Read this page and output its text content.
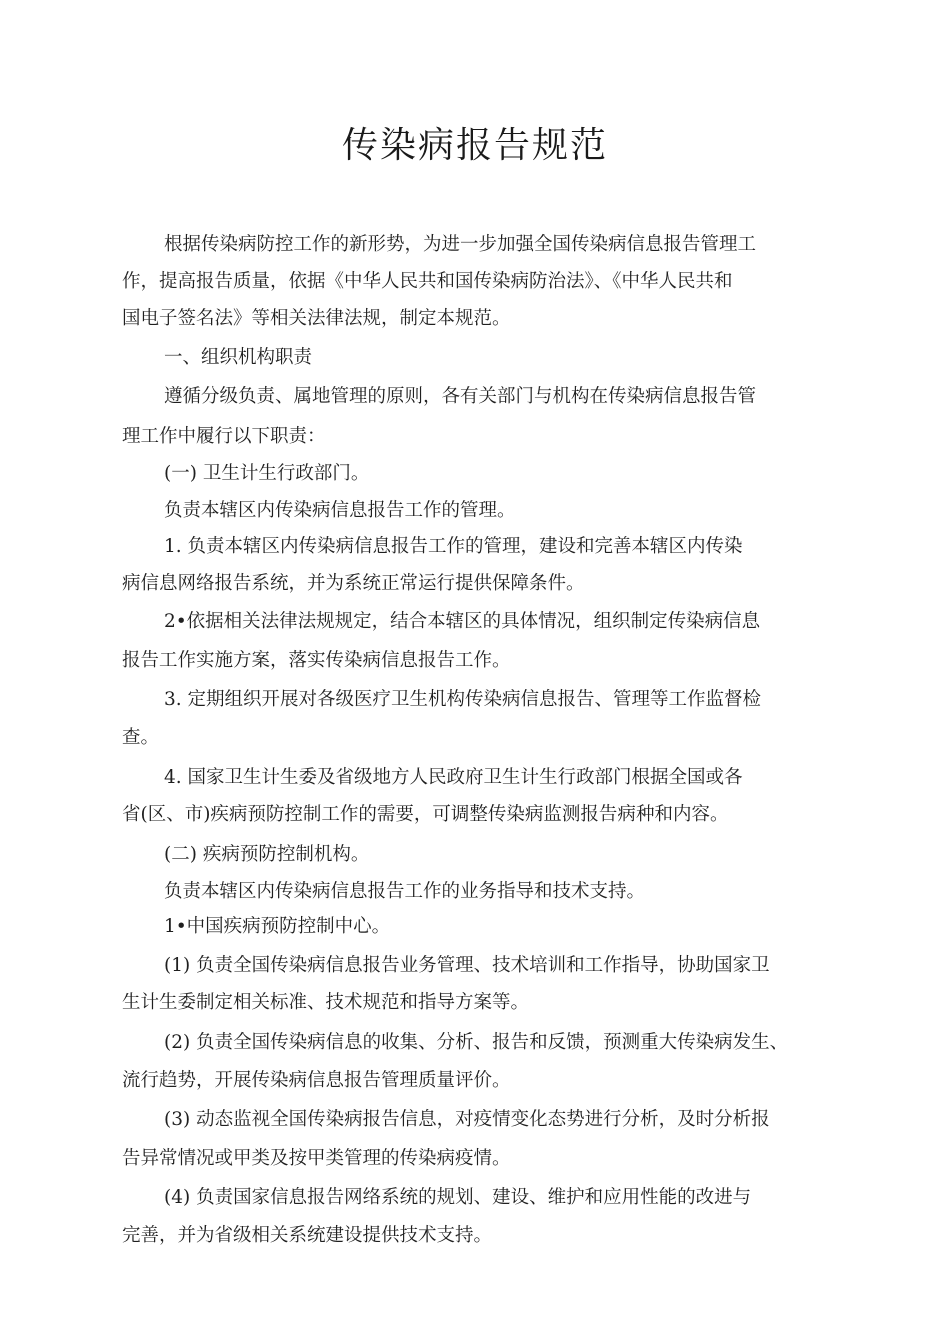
传染病报告规范
根据传染病防控工作的新形势，为进一步加强全国传染病信息报告管理工
作，提高报告质量，依据《中华人民共和国传染病防治法》、《中华人民共和
国电子签名法》等相关法律法规，制定本规范。
一、组织机构职责
遵循分级负责、属地管理的原则，各有关部门与机构在传染病信息报告管
理工作中履行以下职责：
(一) 卫生计生行政部门。
负责本辖区内传染病信息报告工作的管理。
1. 负责本辖区内传染病信息报告工作的管理，建设和完善本辖区内传染
病信息网络报告系统，并为系统正常运行提供保障条件。
2•依据相关法律法规规定，结合本辖区的具体情况，组织制定传染病信息
报告工作实施方案，落实传染病信息报告工作。
3. 定期组织开展对各级医疗卫生机构传染病信息报告、管理等工作监督检
查。
4. 国家卫生计生委及省级地方人民政府卫生计生行政部门根据全国或各
省(区、市)疾病预防控制工作的需要，可调整传染病监测报告病种和内容。
(二) 疾病预防控制机构。
负责本辖区内传染病信息报告工作的业务指导和技术支持。
1•中国疾病预防控制中心。
(1) 负责全国传染病信息报告业务管理、技术培训和工作指导，协助国家卫
生计生委制定相关标准、技术规范和指导方案等。
(2) 负责全国传染病信息的收集、分析、报告和反馈，预测重大传染病发生、
流行趋势，开展传染病信息报告管理质量评价。
(3) 动态监视全国传染病报告信息，对疫情变化态势进行分析，及时分析报
告异常情况或甲类及按甲类管理的传染病疫情。
(4) 负责国家信息报告网络系统的规划、建设、维护和应用性能的改进与
完善，并为省级相关系统建设提供技术支持。
